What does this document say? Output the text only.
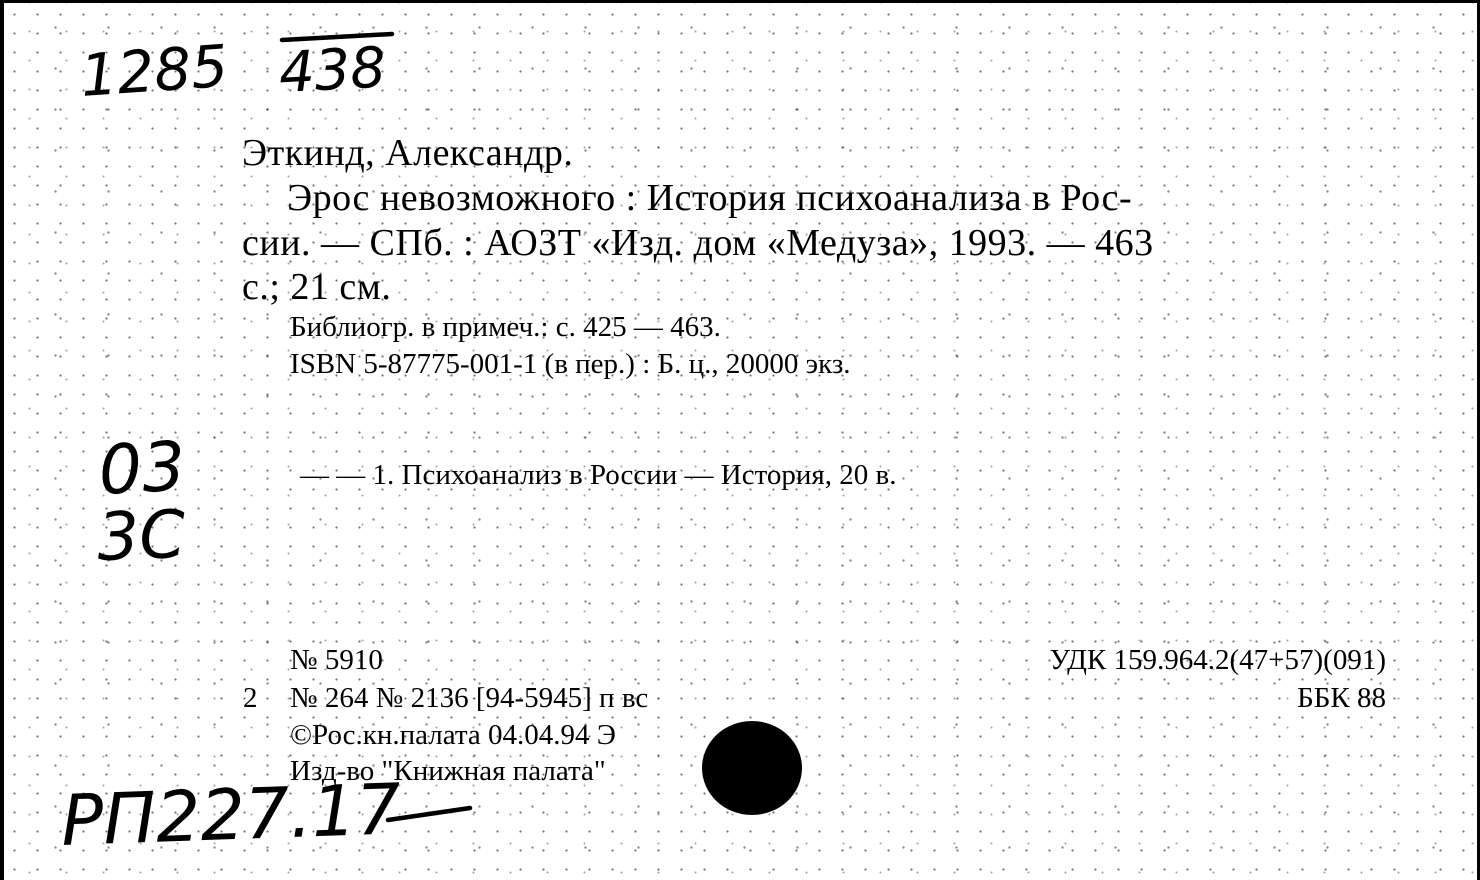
1285 438
03
3C
PП227.17
Эткинд, Александр.
Эрос невозможного : История психоанализа в Рос-
сии. — СПб. : АОЗТ «Изд. дом «Медуза», 1993. — 463
с.; 21 см.
Библиогр. в примеч.: с. 425 — 463.
ISBN 5-87775-001-1 (в пер.) : Б. ц., 20000 экз.
— — 1. Психоанализ в России — История, 20 в.
№ 5910
2 № 264 № 2136 [94-5945] п вс
©Рос.кн.палата 04.04.94 Э
Изд-во "Книжная палата"
УДК 159.964.2(47+57)(091)
ББК 88
